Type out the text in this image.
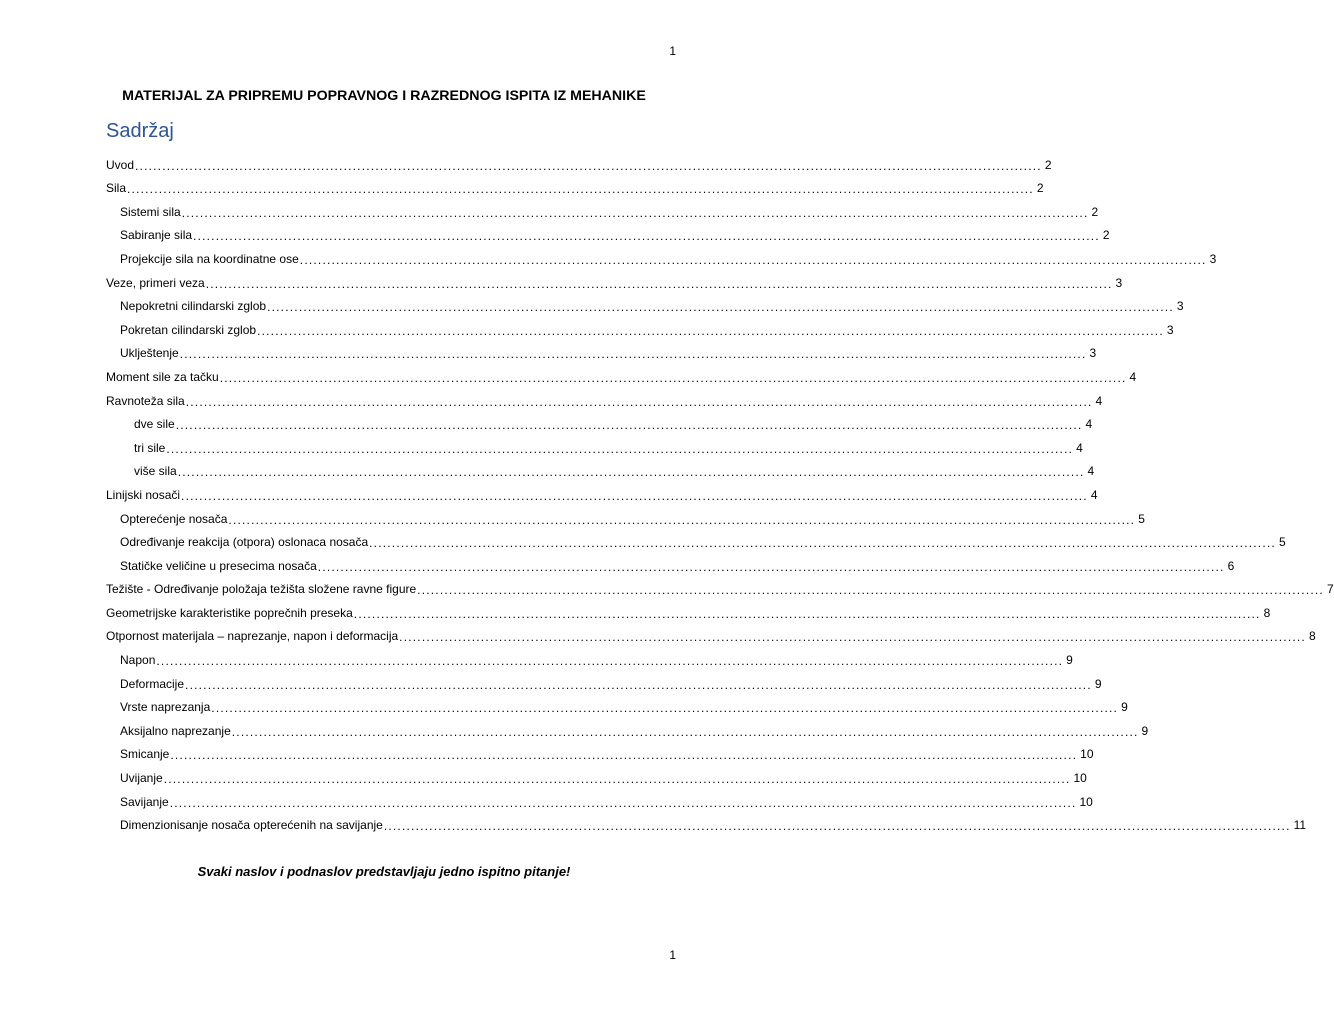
1
MATERIJAL ZA PRIPREMU POPRAVNOG I RAZREDNOG ISPITA IZ MEHANIKE
Sadržaj
Uvod ........................................................................................................................................................................................................ 2
Sila ........................................................................................................................................................................................................ 2
Sistemi sila ........................................................................................................................................................................................................ 2
Sabiranje sila ........................................................................................................................................................................................................ 2
Projekcije sila na koordinatne ose ........................................................................................................................................................................................................ 3
Veze, primeri veza ........................................................................................................................................................................................................ 3
Nepokretni cilindarski zglob ........................................................................................................................................................................................................ 3
Pokretan cilindarski zglob ........................................................................................................................................................................................................ 3
Uklještenje ........................................................................................................................................................................................................ 3
Moment sile za tačku ........................................................................................................................................................................................................ 4
Ravnoteža sila ........................................................................................................................................................................................................ 4
dve sile ........................................................................................................................................................................................................ 4
tri sile ........................................................................................................................................................................................................ 4
više sila ........................................................................................................................................................................................................ 4
Linijski nosači ........................................................................................................................................................................................................ 4
Opterećenje nosača ........................................................................................................................................................................................................ 5
Određivanje reakcija (otpora) oslonaca nosača ........................................................................................................................................................................................................ 5
Statičke veličine u presecima nosača ........................................................................................................................................................................................................ 6
Težište - Određivanje položaja težišta složene ravne figure ........................................................................................................................................................................................................ 7
Geometrijske karakteristike poprečnih preseka ........................................................................................................................................................................................................ 8
Otpornost materijala – naprezanje, napon i deformacija ........................................................................................................................................................................................................ 8
Napon ........................................................................................................................................................................................................ 9
Deformacije ........................................................................................................................................................................................................ 9
Vrste naprezanja ........................................................................................................................................................................................................ 9
Aksijalno naprezanje ........................................................................................................................................................................................................ 9
Smicanje ........................................................................................................................................................................................................ 10
Uvijanje ........................................................................................................................................................................................................ 10
Savijanje ........................................................................................................................................................................................................ 10
Dimenzionisanje nosača opterećenih na savijanje ........................................................................................................................................................................................................ 11
Svaki naslov i podnaslov predstavljaju jedno ispitno pitanje!
1
